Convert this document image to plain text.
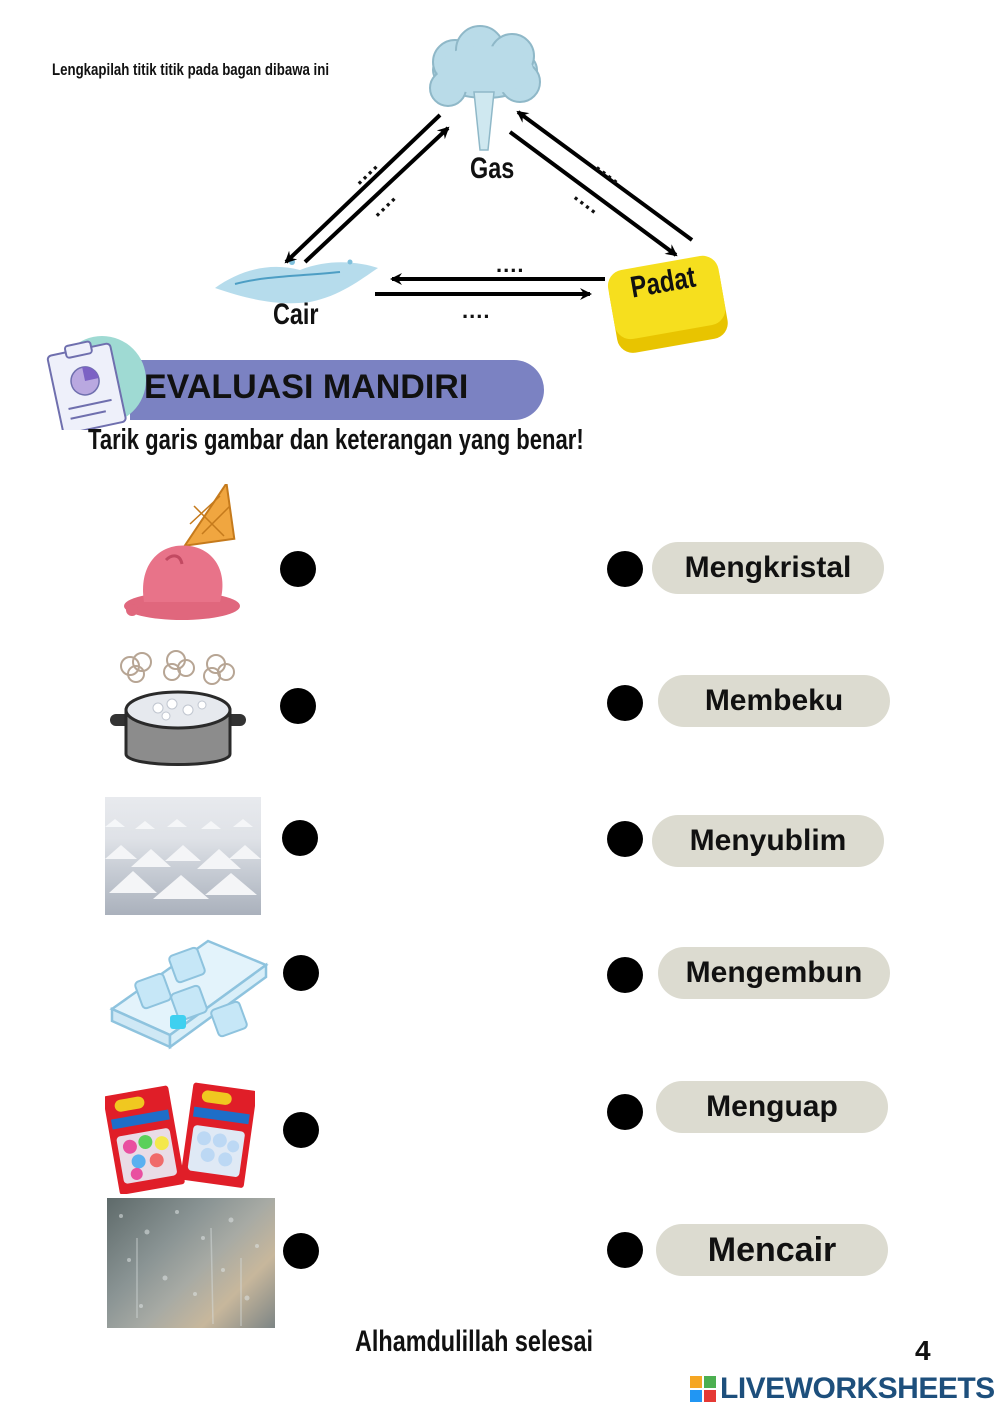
Lengkapilah titik titik pada bagan dibawa ini
Gas
Cair
Padat
....
....
....
....
....
....
EVALUASI MANDIRI
Tarik garis gambar dan keterangan yang benar!
Mengkristal
Membeku
Menyublim
Mengembun
Menguap
Mencair
Alhamdulillah selesai	4
LIVEWORKSHEETS
